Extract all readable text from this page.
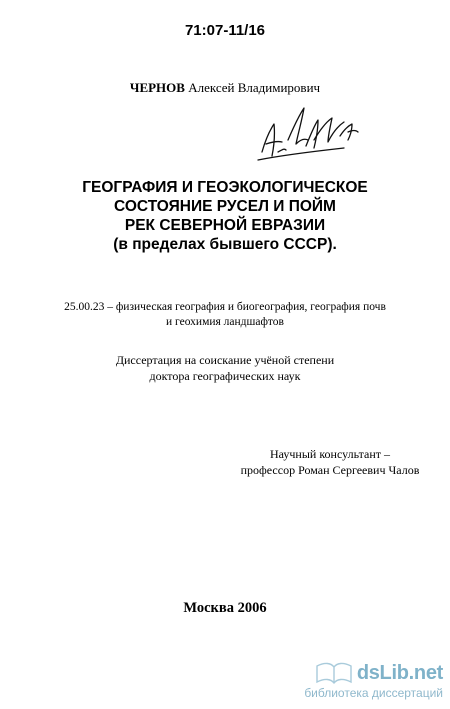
71:07-11/16
ЧЕРНОВ Алексей Владимирович
ГЕОГРАФИЯ И ГЕОЭКОЛОГИЧЕСКОЕ
СОСТОЯНИЕ РУСЕЛ И ПОЙМ
РЕК СЕВЕРНОЙ ЕВРАЗИИ
(в пределах бывшего СССР).
25.00.23 – физическая география и биогеография, география почв
и геохимия ландшафтов
Диссертация на соискание учёной степени
доктора географических наук
Научный консультант –
профессор Роман Сергеевич Чалов
Москва 2006
dsLib.net
библиотека диссертаций
